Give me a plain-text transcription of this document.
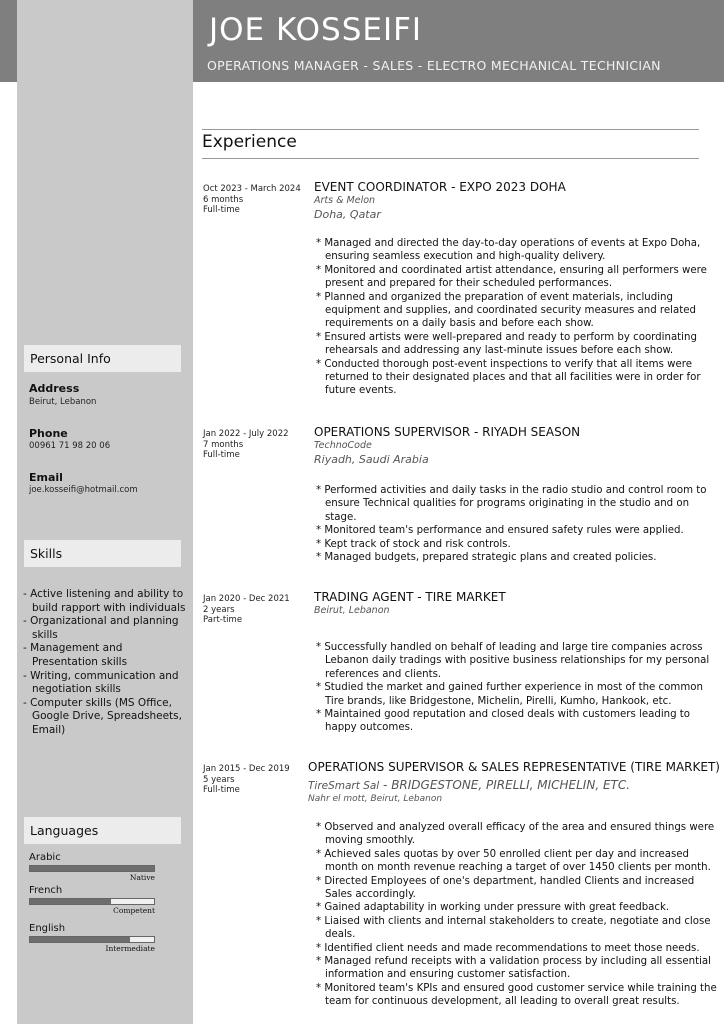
JOE KOSSEIFI
OPERATIONS MANAGER - SALES - ELECTRO MECHANICAL TECHNICIAN
Personal Info
Address
Beirut, Lebanon
Phone
00961 71 98 20 06
Email
joe.kosseifi@hotmail.com
Skills
- Active listening and ability to build rapport with individuals
- Organizational and planning skills
- Management and Presentation skills
- Writing, communication and negotiation skills
- Computer skills (MS Office, Google Drive, Spreadsheets, Email)
Languages
Arabic
Native
French
Competent
English
Intermediate
Experience
Oct 2023 - March 2024
6 months
Full-time
EVENT COORDINATOR - EXPO 2023 DOHA
Arts & Melon
Doha, Qatar
* Managed and directed the day-to-day operations of events at Expo Doha, ensuring seamless execution and high-quality delivery.
* Monitored and coordinated artist attendance, ensuring all performers were present and prepared for their scheduled performances.
* Planned and organized the preparation of event materials, including equipment and supplies, and coordinated security measures and related requirements on a daily basis and before each show.
* Ensured artists were well-prepared and ready to perform by coordinating rehearsals and addressing any last-minute issues before each show.
* Conducted thorough post-event inspections to verify that all items were returned to their designated places and that all facilities were in order for future events.
Jan 2022 - July 2022
7 months
Full-time
OPERATIONS SUPERVISOR - RIYADH SEASON
TechnoCode
Riyadh, Saudi Arabia
* Performed activities and daily tasks in the radio studio and control room to ensure Technical qualities for programs originating in the studio and on stage.
* Monitored team's performance and ensured safety rules were applied.
* Kept track of stock and risk controls.
* Managed budgets, prepared strategic plans and created policies.
Jan 2020 - Dec 2021
2 years
Part-time
TRADING AGENT - TIRE MARKET
Beirut, Lebanon
* Successfully handled on behalf of leading and large tire companies across Lebanon daily tradings with positive business relationships for my personal references and clients.
* Studied the market and gained further experience in most of the common Tire brands, like Bridgestone, Michelin, Pirelli, Kumho, Hankook, etc.
* Maintained good reputation and closed deals with customers leading to happy outcomes.
Jan 2015 - Dec 2019
5 years
Full-time
OPERATIONS SUPERVISOR & SALES REPRESENTATIVE (TIRE MARKET)
TireSmart Sal - BRIDGESTONE, PIRELLI, MICHELIN, ETC.
Nahr el mott, Beirut, Lebanon
* Observed and analyzed overall efficacy of the area and ensured things were moving smoothly.
* Achieved sales quotas by over 50 enrolled client per day and increased month on month revenue reaching a target of over 1450 clients per month.
* Directed Employees of one's department, handled Clients and increased Sales accordingly.
* Gained adaptability in working under pressure with great feedback.
* Liaised with clients and internal stakeholders to create, negotiate and close deals.
* Identified client needs and made recommendations to meet those needs.
* Managed refund receipts with a validation process by including all essential information and ensuring customer satisfaction.
* Monitored team's KPIs and ensured good customer service while training the team for continuous development, all leading to overall great results.
